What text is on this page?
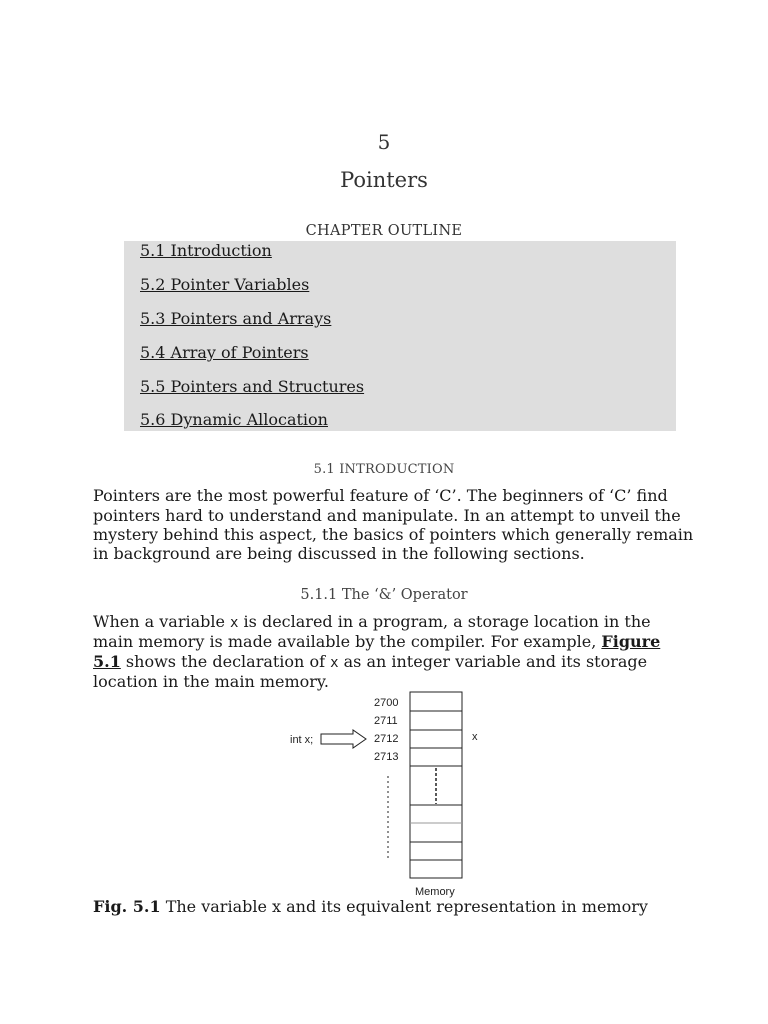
5
Pointers
CHAPTER OUTLINE
5.1 Introduction
5.2 Pointer Variables
5.3 Pointers and Arrays
5.4 Array of Pointers
5.5 Pointers and Structures
5.6 Dynamic Allocation
5.1 INTRODUCTION
Pointers are the most powerful feature of ‘C’. The beginners of ‘C’ find
pointers hard to understand and manipulate. In an attempt to unveil the
mystery behind this aspect, the basics of pointers which generally remain
in background are being discussed in the following sections.
5.1.1 The ‘&’ Operator
When a variable x is declared in a program, a storage location in the
main memory is made available by the compiler. For example, Figure
5.1 shows the declaration of x as an integer variable and its storage
location in the main memory.
2700
2711
2712
2713
int x;	x
Memory
Fig. 5.1 The variable x and its equivalent representation in memory
